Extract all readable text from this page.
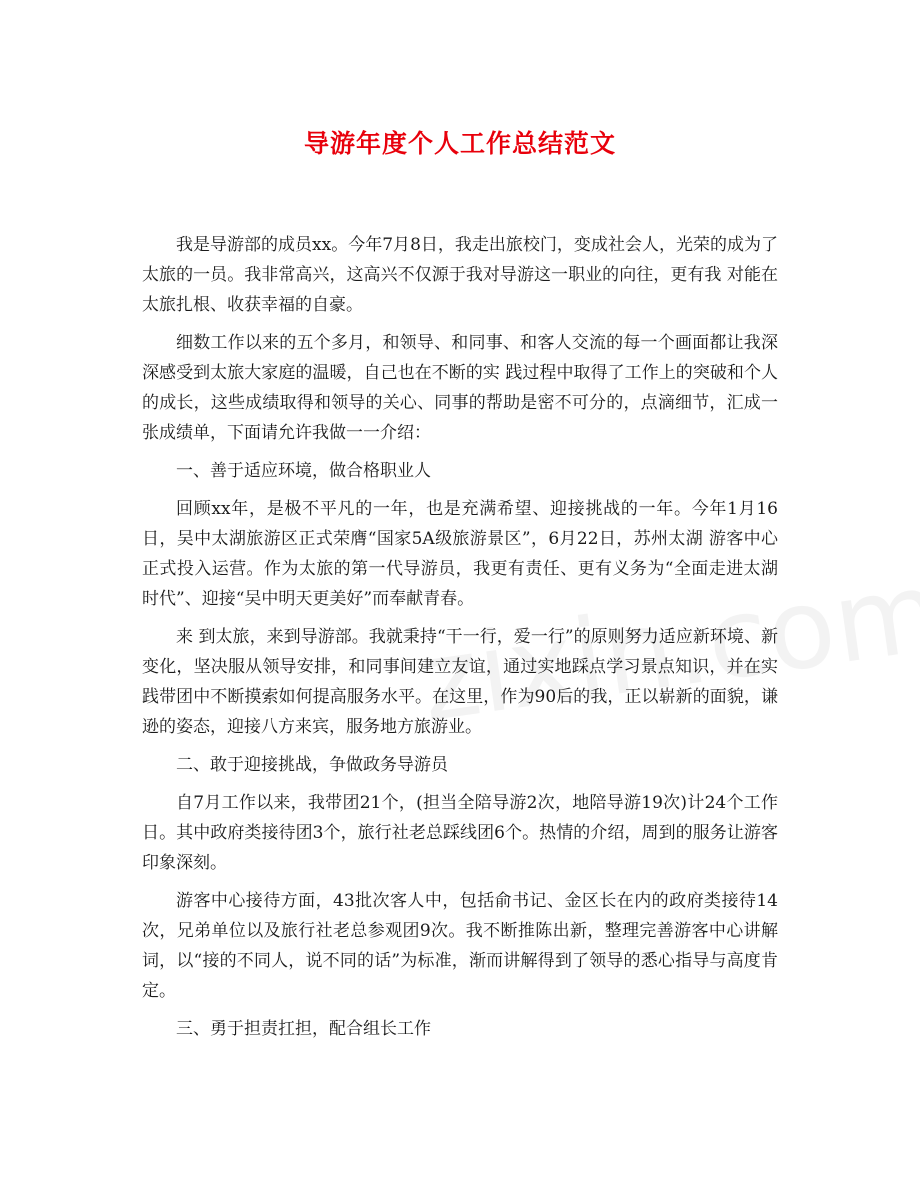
导游年度个人工作总结范文

我是导游部的成员xx。今年7月8日，我走出旅校门，变成社会人，光荣的成为了太旅的一员。我非常高兴，这高兴不仅源于我对导游这一职业的向往，更有我 对能在太旅扎根、收获幸福的自豪。

细数工作以来的五个多月，和领导、和同事、和客人交流的每一个画面都让我深深感受到太旅大家庭的温暖，自己也在不断的实 践过程中取得了工作上的突破和个人的成长，这些成绩取得和领导的关心、同事的帮助是密不可分的，点滴细节，汇成一张成绩单，下面请允许我做一一介绍：

一、善于适应环境，做合格职业人

回顾xx年，是极不平凡的一年，也是充满希望、迎接挑战的一年。今年1月16日，吴中太湖旅游区正式荣膺“国家5A级旅游景区”，6月22日，苏州太湖 游客中心正式投入运营。作为太旅的第一代导游员，我更有责任、更有义务为“全面走进太湖时代”、迎接“吴中明天更美好”而奉献青春。

来 到太旅，来到导游部。我就秉持“干一行，爱一行”的原则努力适应新环境、新变化，坚决服从领导安排，和同事间建立友谊，通过实地踩点学习景点知识，并在实 践带团中不断摸索如何提高服务水平。在这里，作为90后的我，正以崭新的面貌，谦逊的姿态，迎接八方来宾，服务地方旅游业。

二、敢于迎接挑战，争做政务导游员

自7月工作以来，我带团21个，(担当全陪导游2次，地陪导游19次)计24个工作日。其中政府类接待团3个，旅行社老总踩线团6个。热情的介绍，周到的服务让游客印象深刻。

游客中心接待方面，43批次客人中，包括俞书记、金区长在内的政府类接待14次，兄弟单位以及旅行社老总参观团9次。我不断推陈出新，整理完善游客中心讲解词，以“接的不同人，说不同的话”为标准，渐而讲解得到了领导的悉心指导与高度肯定。

三、勇于担责扛担，配合组长工作
